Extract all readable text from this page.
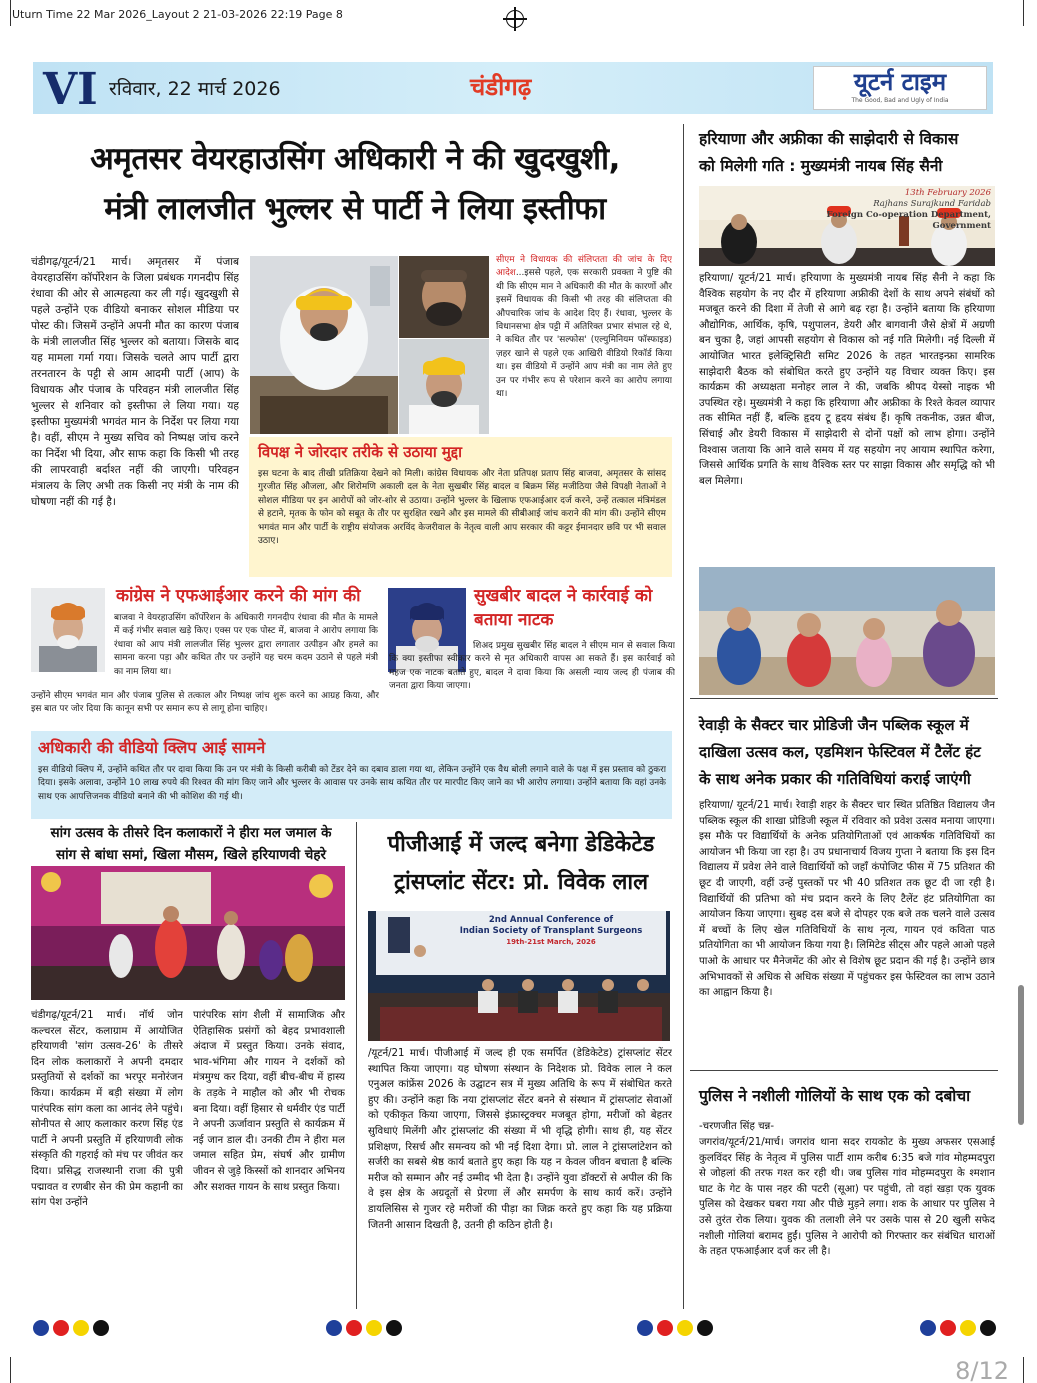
Uturn Time 22 Mar 2026_Layout 2 21-03-2026 22:19 Page 8
VI रविवार, 22 मार्च 2026	चंडीगढ़	यूटर्न टाइम
The Good, Bad and Ugly of India
अमृतसर वेयरहाउसिंग अधिकारी ने की खुदखुशी,
मंत्री लालजीत भुल्लर से पार्टी ने लिया इस्तीफा
चंडीगढ़/यूटर्न/21 मार्च। अमृतसर में पंजाब वेयरहाउसिंग कॉर्पोरेशन के जिला प्रबंधक गगनदीप सिंह रंधावा की ओर से आत्महत्या कर ली गई। खुदखुशी से पहले उन्होंने एक वीडियो बनाकर सोशल मीडिया पर पोस्ट की। जिसमें उन्होंने अपनी मौत का कारण पंजाब के मंत्री लालजीत सिंह भुल्लर को बताया। जिसके बाद यह मामला गर्मा गया। जिसके चलते आप पार्टी द्वारा तरनतारन के पट्टी से आम आदमी पार्टी (आप) के विधायक और पंजाब के परिवहन मंत्री लालजीत सिंह भुल्लर से शनिवार को इस्तीफा ले लिया गया। यह इस्तीफा मुख्यमंत्री भगवंत मान के निर्देश पर लिया गया है। वहीं, सीएम ने मुख्य सचिव को निष्पक्ष जांच करने का निर्देश भी दिया, और साफ कहा कि किसी भी तरह की लापरवाही बर्दाश्त नहीं की जाएगी। परिवहन मंत्रालय के लिए अभी तक किसी नए मंत्री के नाम की घोषणा नहीं की गई है।
सीएम ने विधायक की संलिप्तता की जांच के दिए आदेश...इससे पहले, एक सरकारी प्रवक्ता ने पुष्टि की थी कि सीएम मान ने अधिकारी की मौत के कारणों और इसमें विधायक की किसी भी तरह की संलिप्तता की औपचारिक जांच के आदेश दिए हैं। रंधावा, भुल्लर के विधानसभा क्षेत्र पट्टी में अतिरिक्त प्रभार संभाल रहे थे, ने कथित तौर पर 'सल्फोस' (एल्युमिनियम फॉस्फाइड) ज़हर खाने से पहले एक आखिरी वीडियो रिकॉर्ड किया था। इस वीडियो में उन्होंने आप मंत्री का नाम लेते हुए उन पर गंभीर रूप से परेशान करने का आरोप लगाया था।
विपक्ष ने जोरदार तरीके से उठाया मुद्दा
इस घटना के बाद तीखी प्रतिक्रिया देखने को मिली। कांग्रेस विधायक और नेता प्रतिपक्ष प्रताप सिंह बाजवा, अमृतसर के सांसद गुरजीत सिंह औजला, और शिरोमणि अकाली दल के नेता सुखबीर सिंह बादल व बिक्रम सिंह मजीठिया जैसे विपक्षी नेताओं ने सोशल मीडिया पर इन आरोपों को जोर-शोर से उठाया। उन्होंने भुल्लर के खिलाफ एफआईआर दर्ज करने, उन्हें तत्काल मंत्रिमंडल से हटाने, मृतक के फोन को सबूत के तौर पर सुरक्षित रखने और इस मामले की सीबीआई जांच कराने की मांग की। उन्होंने सीएम भगवंत मान और पार्टी के राष्ट्रीय संयोजक अरविंद केजरीवाल के नेतृत्व वाली आप सरकार की कट्टर ईमानदार छवि पर भी सवाल उठाए।
कांग्रेस ने एफआईआर करने की मांग की
बाजवा ने वेयरहाउसिंग कॉर्पोरेशन के अधिकारी गगनदीप रंधावा की मौत के मामले में कई गंभीर सवाल खड़े किए। एक्स पर एक पोस्ट में, बाजवा ने आरोप लगाया कि रंधावा को आप मंत्री लालजीत सिंह भुल्लर द्वारा लगातार उत्पीड़न और हमले का सामना करना पड़ा और कथित तौर पर उन्होंने यह चरम कदम उठाने से पहले मंत्री का नाम लिया था।
उन्होंने सीएम भगवंत मान और पंजाब पुलिस से तत्काल और निष्पक्ष जांच शुरू करने का आग्रह किया, और इस बात पर जोर दिया कि कानून सभी पर समान रूप से लागू होना चाहिए।
सुखबीर बादल ने कार्रवाई को बताया नाटक
शिअद प्रमुख सुखबीर सिंह बादल ने सीएम मान से सवाल किया कि क्या इस्तीफा स्वीकार करने से मृत अधिकारी वापस आ सकते हैं। इस कार्रवाई को महज एक नाटक बताते हुए, बादल ने दावा किया कि असली न्याय जल्द ही पंजाब की जनता द्वारा किया जाएगा।
अधिकारी की वीडियो क्लिप आई सामने
इस वीडियो क्लिप में, उन्होंने कथित तौर पर दावा किया कि उन पर मंत्री के किसी करीबी को टेंडर देने का दबाव डाला गया था, लेकिन उन्होंने एक वैध बोली लगाने वाले के पक्ष में इस प्रस्ताव को ठुकरा दिया। इसके अलावा, उन्होंने 10 लाख रुपये की रिश्वत की मांग किए जाने और भुल्लर के आवास पर उनके साथ कथित तौर पर मारपीट किए जाने का भी आरोप लगाया। उन्होंने बताया कि वहां उनके साथ एक आपत्तिजनक वीडियो बनाने की भी कोशिश की गई थी।
सांग उत्सव के तीसरे दिन कलाकारों ने हीरा मल जमाल के
सांग से बांधा समां, खिला मौसम, खिले हरियाणवी चेहरे
चंडीगढ़/यूटर्न/21 मार्च। नॉर्थ जोन कल्चरल सेंटर, कलाग्राम में आयोजित हरियाणवी 'सांग उत्सव-26' के तीसरे दिन लोक कलाकारों ने अपनी दमदार प्रस्तुतियों से दर्शकों का भरपूर मनोरंजन किया। कार्यक्रम में बड़ी संख्या में लोग पारंपरिक सांग कला का आनंद लेने पहुंचे। सोनीपत से आए कलाकार करण सिंह एंड पार्टी ने अपनी प्रस्तुति में हरियाणवी लोक संस्कृति की गहराई को मंच पर जीवंत कर दिया। प्रसिद्ध राजस्थानी राजा की पुत्री पद्मावत व रणबीर सेन की प्रेम कहानी का सांग पेश उन्होंने
पारंपरिक सांग शैली में सामाजिक और ऐतिहासिक प्रसंगों को बेहद प्रभावशाली अंदाज में प्रस्तुत किया। उनके संवाद, भाव-भंगिमा और गायन ने दर्शकों को मंत्रमुग्ध कर दिया, वहीं बीच-बीच में हास्य के तड़के ने माहौल को और भी रोचक बना दिया। वहीं हिसार से धर्मवीर एंड पार्टी ने अपनी ऊर्जावान प्रस्तुति से कार्यक्रम में नई जान डाल दी। उनकी टीम ने हीरा मल जमाल सहित प्रेम, संघर्ष और ग्रामीण जीवन से जुड़े किस्सों को शानदार अभिनय और सशक्त गायन के साथ प्रस्तुत किया।
पीजीआई में जल्द बनेगा डेडिकेटेड
ट्रांसप्लांट सेंटर: प्रो. विवेक लाल
2nd Annual Conference of
Indian Society of Transplant Surgeons
19th-21st March, 2026
/यूटर्न/21 मार्च। पीजीआई में जल्द ही एक समर्पित (डेडिकेटेड) ट्रांसप्लांट सेंटर स्थापित किया जाएगा। यह घोषणा संस्थान के निदेशक प्रो. विवेक लाल ने कल एनुअल कांफ्रेंस 2026 के उद्घाटन सत्र में मुख्य अतिथि के रूप में संबोधित करते हुए की। उन्होंने कहा कि नया ट्रांसप्लांट सेंटर बनने से संस्थान में ट्रांसप्लांट सेवाओं को एकीकृत किया जाएगा, जिससे इंफ्रास्ट्रक्चर मजबूत होगा, मरीजों को बेहतर सुविधाएं मिलेंगी और ट्रांसप्लांट की संख्या में भी वृद्धि होगी। साथ ही, यह सेंटर प्रशिक्षण, रिसर्च और समन्वय को भी नई दिशा देगा। प्रो. लाल ने ट्रांसप्लांटेशन को सर्जरी का सबसे श्रेष्ठ कार्य बताते हुए कहा कि यह न केवल जीवन बचाता है बल्कि मरीज को सम्मान और नई उम्मीद भी देता है। उन्होंने युवा डॉक्टरों से अपील की कि वे इस क्षेत्र के अग्रदूतों से प्रेरणा लें और समर्पण के साथ कार्य करें। उन्होंने डायलिसिस से गुजर रहे मरीजों की पीड़ा का जिक्र करते हुए कहा कि यह प्रक्रिया जितनी आसान दिखती है, उतनी ही कठिन होती है।
हरियाणा और अफ्रीका की साझेदारी से विकास
को मिलेगी गति : मुख्यमंत्री नायब सिंह सैनी
13th February 2026
Rajhans Surajkund Faridab
Foreign Co-operation Department, Government
हरियाणा/ यूटर्न/21 मार्च। हरियाणा के मुख्यमंत्री नायब सिंह सैनी ने कहा कि वैश्विक सहयोग के नए दौर में हरियाणा अफ्रीकी देशों के साथ अपने संबंधों को मजबूत करने की दिशा में तेजी से आगे बढ़ रहा है। उन्होंने बताया कि हरियाणा औद्योगिक, आर्थिक, कृषि, पशुपालन, डेयरी और बागवानी जैसे क्षेत्रों में अग्रणी बन चुका है, जहां आपसी सहयोग से विकास को नई गति मिलेगी। नई दिल्ली में आयोजित भारत इलेक्ट्रिसिटी समिट 2026 के तहत भारतइन्फ्रा सामरिक साझेदारी बैठक को संबोधित करते हुए उन्होंने यह विचार व्यक्त किए। इस कार्यक्रम की अध्यक्षता मनोहर लाल ने की, जबकि श्रीपद येस्सो नाइक भी उपस्थित रहे। मुख्यमंत्री ने कहा कि हरियाणा और अफ्रीका के रिश्ते केवल व्यापार तक सीमित नहीं हैं, बल्कि हृदय टू हृदय संबंध हैं। कृषि तकनीक, उन्नत बीज, सिंचाई और डेयरी विकास में साझेदारी से दोनों पक्षों को लाभ होगा। उन्होंने विश्वास जताया कि आने वाले समय में यह सहयोग नए आयाम स्थापित करेगा, जिससे आर्थिक प्रगति के साथ वैश्विक स्तर पर साझा विकास और समृद्धि को भी बल मिलेगा।
रेवाड़ी के सैक्टर चार प्रोडिजी जैन पब्लिक स्कूल में
दाखिला उत्सव कल, एडमिशन फेस्टिवल में टैलेंट हंट
के साथ अनेक प्रकार की गतिविधियां कराई जाएंगी
हरियाणा/ यूटर्न/21 मार्च। रेवाड़ी शहर के सैक्टर चार स्थित प्रतिष्ठित विद्यालय जैन पब्लिक स्कूल की शाखा प्रोडिजी स्कूल में रविवार को प्रवेश उत्सव मनाया जाएगा। इस मौके पर विद्यार्थियों के अनेक प्रतियोगिताओं एवं आकर्षक गतिविधियों का आयोजन भी किया जा रहा है। उप प्रधानाचार्य विजय गुप्ता ने बताया कि इस दिन विद्यालय में प्रवेश लेने वाले विद्यार्थियों को जहाँ कंपोजिट फीस में 75 प्रतिशत की छूट दी जाएगी, वहीं उन्हें पुस्तकों पर भी 40 प्रतिशत तक छूट दी जा रही है। विद्यार्थियों की प्रतिभा को मंच प्रदान करने के लिए टैलेंट हंट प्रतियोगिता का आयोजन किया जाएगा। सुबह दस बजे से दोपहर एक बजे तक चलने वाले उत्सव में बच्चों के लिए खेल गतिविधियों के साथ नृत्य, गायन एवं कविता पाठ प्रतियोगिता का भी आयोजन किया गया है। लिमिटेड सीट्स और पहले आओ पहले पाओ के आधार पर मैनेजमेंट की ओर से विशेष छूट प्रदान की गई है। उन्होंने छात्र अभिभावकों से अधिक से अधिक संख्या में पहुंचकर इस फेस्टिवल का लाभ उठाने का आह्वान किया है।
पुलिस ने नशीली गोलियों के साथ एक को दबोचा
-चरणजीत सिंह चन्न-
जगरांव/यूटर्न/21/मार्च। जगरांव थाना सदर रायकोट के मुख्य अफसर एसआई कुलविंदर सिंह के नेतृत्व में पुलिस पार्टी शाम करीब 6:35 बजे गांव मोहम्मदपुरा से जोहलां की तरफ गश्त कर रही थी। जब पुलिस गांव मोहम्मदपुरा के श्मशान घाट के गेट के पास नहर की पटरी (सूआ) पर पहुंची, तो वहां खड़ा एक युवक पुलिस को देखकर घबरा गया और पीछे मुड़ने लगा। शक के आधार पर पुलिस ने उसे तुरंत रोक लिया। युवक की तलाशी लेने पर उसके पास से 20 खुली सफेद नशीली गोलियां बरामद हुईं। पुलिस ने आरोपी को गिरफ्तार कर संबंधित धाराओं के तहत एफआईआर दर्ज कर ली है।
8/12
